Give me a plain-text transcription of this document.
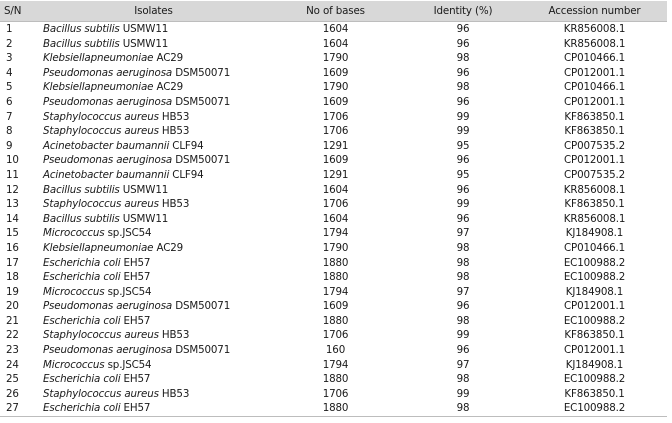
S/N	Isolates	No of bases	Identity (%)	Accession number
1	Bacillus subtilis USMW11	1604	96	KR856008.1
2	Bacillus subtilis USMW11	1604	96	KR856008.1
3	Klebsiellapneumoniae AC29	1790	98	CP010466.1
4	Pseudomonas aeruginosa DSM50071	1609	96	CP012001.1
5	Klebsiellapneumoniae AC29	1790	98	CP010466.1
6	Pseudomonas aeruginosa DSM50071	1609	96	CP012001.1
7	Staphylococcus aureus HB53	1706	99	KF863850.1
8	Staphylococcus aureus HB53	1706	99	KF863850.1
9	Acinetobacter baumannii CLF94	1291	95	CP007535.2
10	Pseudomonas aeruginosa DSM50071	1609	96	CP012001.1
11	Acinetobacter baumannii CLF94	1291	95	CP007535.2
12	Bacillus subtilis USMW11	1604	96	KR856008.1
13	Staphylococcus aureus HB53	1706	99	KF863850.1
14	Bacillus subtilis USMW11	1604	96	KR856008.1
15	Micrococcus sp.JSC54	1794	97	KJ184908.1
16	Klebsiellapneumoniae AC29	1790	98	CP010466.1
17	Escherichia coli EH57	1880	98	EC100988.2
18	Escherichia coli EH57	1880	98	EC100988.2
19	Micrococcus sp.JSC54	1794	97	KJ184908.1
20	Pseudomonas aeruginosa DSM50071	1609	96	CP012001.1
21	Escherichia coli EH57	1880	98	EC100988.2
22	Staphylococcus aureus HB53	1706	99	KF863850.1
23	Pseudomonas aeruginosa DSM50071	160	96	CP012001.1
24	Micrococcus sp.JSC54	1794	97	KJ184908.1
25	Escherichia coli EH57	1880	98	EC100988.2
26	Staphylococcus aureus HB53	1706	99	KF863850.1
27	Escherichia coli EH57	1880	98	EC100988.2
